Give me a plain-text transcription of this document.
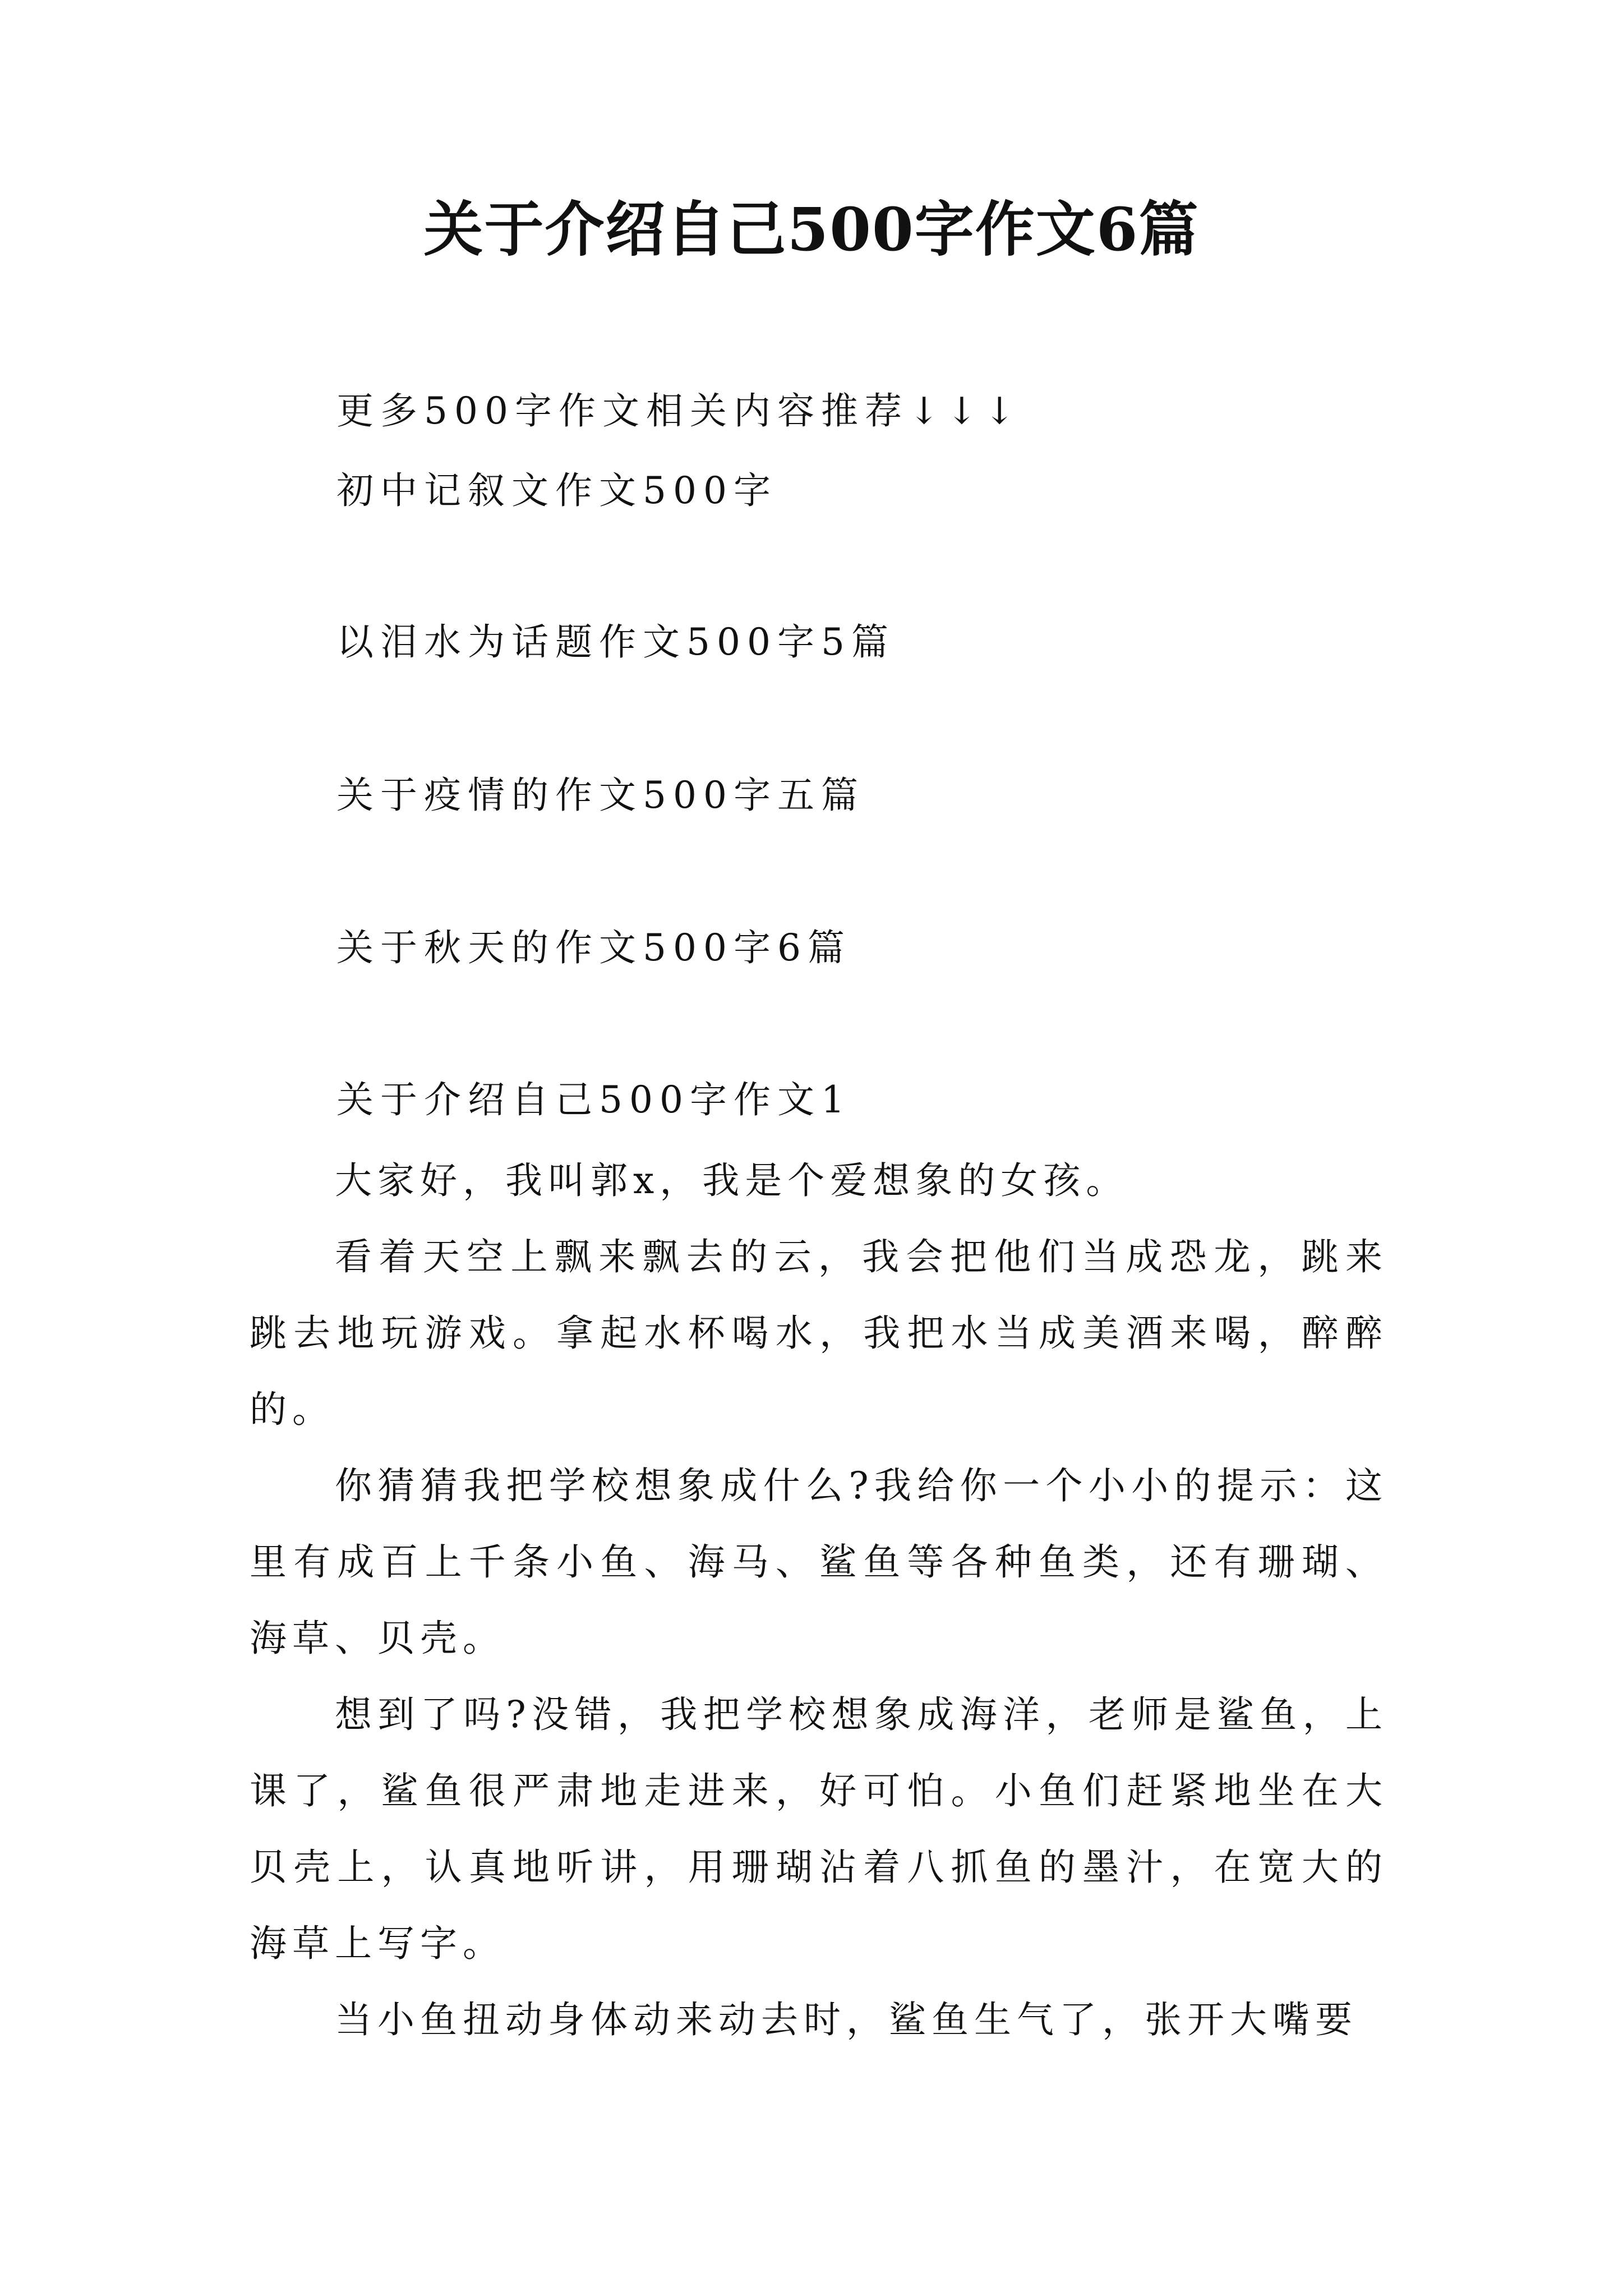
关于介绍自己500字作文6篇
更多500字作文相关内容推荐↓↓↓
初中记叙文作文500字
以泪水为话题作文500字5篇
关于疫情的作文500字五篇
关于秋天的作文500字6篇
关于介绍自己500字作文1

大家好，我叫郭x，我是个爱想象的女孩。

看着天空上飘来飘去的云，我会把他们当成恐龙，跳来跳去地玩游戏。拿起水杯喝水，我把水当成美酒来喝，醉醉的。

你猜猜我把学校想象成什么?我给你一个小小的提示：这里有成百上千条小鱼、海马、鲨鱼等各种鱼类，还有珊瑚、海草、贝壳。

想到了吗?没错，我把学校想象成海洋，老师是鲨鱼，上课了，鲨鱼很严肃地走进来，好可怕。小鱼们赶紧地坐在大贝壳上，认真地听讲，用珊瑚沾着八抓鱼的墨汁，在宽大的海草上写字。

当小鱼扭动身体动来动去时，鲨鱼生气了，张开大嘴要
